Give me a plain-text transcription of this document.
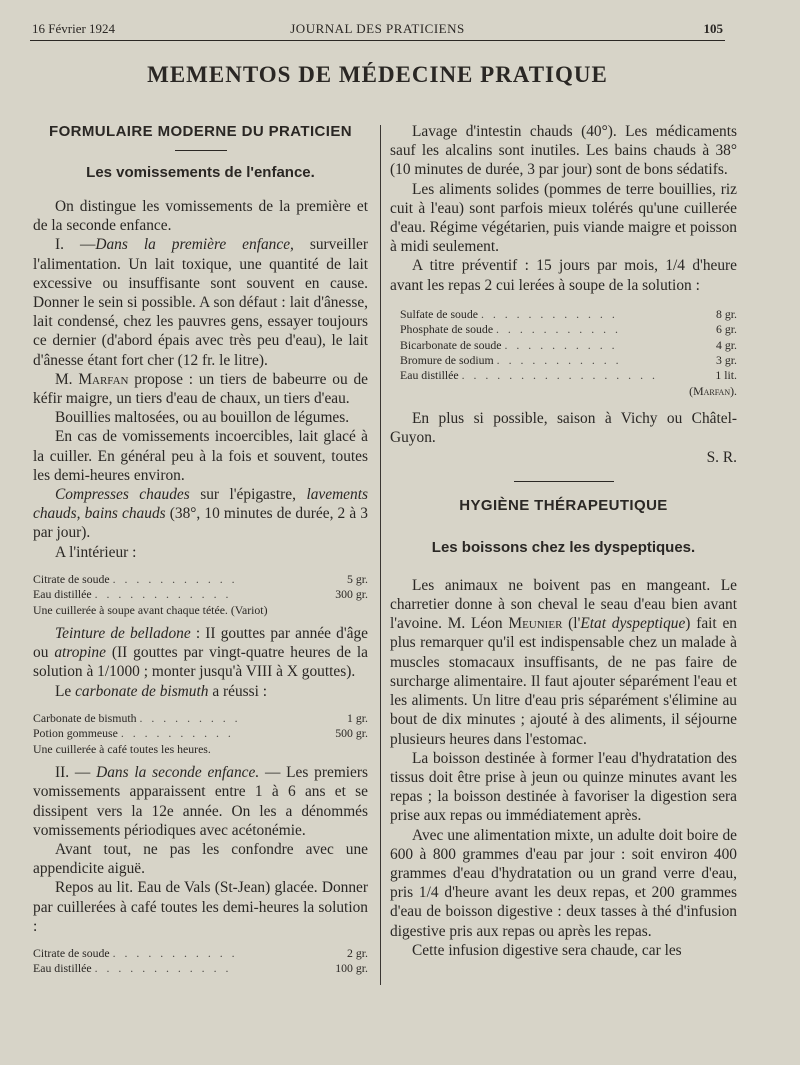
16 Février 1924	JOURNAL DES PRATICIENS	105
MEMENTOS DE MÉDECINE PRATIQUE
FORMULAIRE MODERNE DU PRATICIEN
Les vomissements de l'enfance.

On distingue les vomissements de la première et de la seconde enfance.

I. —Dans la première enfance, surveiller l'alimentation. Un lait toxique, une quantité de lait excessive ou insuffisante sont souvent en cause. Donner le sein si possible. A son défaut : lait d'ânesse, lait condensé, chez les pauvres gens, essayer toujours ce dernier (d'abord épais avec très peu d'eau), le lait d'ânesse étant fort cher (12 fr. le litre).

M. Marfan propose : un tiers de babeurre ou de kéfir maigre, un tiers d'eau de chaux, un tiers d'eau.

Bouillies maltosées, ou au bouillon de légumes.

En cas de vomissements incoercibles, lait glacé à la cuiller. En général peu à la fois et souvent, toutes les demi-heures environ.

Compresses chaudes sur l'épigastre, lavements chauds, bains chauds (38°, 10 minutes de durée, 2 à 3 par jour).

A l'intérieur :

Citrate de soude . . . . . . . . . . .	5 gr.
Eau distillée . . . . . . . . . . . .	300 gr.
Une cuillerée à soupe avant chaque tétée. (Variot)

Teinture de belladone : II gouttes par année d'âge ou atropine (II gouttes par vingt-quatre heures de la solution à 1/1000 ; monter jusqu'à VIII à X gouttes).

Le carbonate de bismuth a réussi :

Carbonate de bismuth . . . . . . . . .	1 gr.
Potion gommeuse . . . . . . . . . .	500 gr.
Une cuillerée à café toutes les heures.

II. — Dans la seconde enfance. — Les premiers vomissements apparaissent entre 1 à 6 ans et se dissipent vers la 12e année. On les a dénommés vomissements périodiques avec acétonémie.

Avant tout, ne pas les confondre avec une appendicite aiguë.

Repos au lit. Eau de Vals (St-Jean) glacée. Donner par cuillerées à café toutes les demi-heures la solution :

Citrate de soude . . . . . . . . . . .	2 gr.
Eau distillée . . . . . . . . . . . .	100 gr.

Lavage d'intestin chauds (40°). Les médicaments sauf les alcalins sont inutiles. Les bains chauds à 38° (10 minutes de durée, 3 par jour) sont de bons sédatifs.

Les aliments solides (pommes de terre bouillies, riz cuit à l'eau) sont parfois mieux tolérés qu'une cuillerée d'eau. Régime végétarien, puis viande maigre et poisson à midi seulement.

A titre préventif : 15 jours par mois, 1/4 d'heure avant les repas 2 cui lerées à soupe de la solution :

Sulfate de soude . . . . . . . . . . . .	8 gr.
Phosphate de soude . . . . . . . . . . .	6 gr.
Bicarbonate de soude . . . . . . . . . .	4 gr.
Bromure de sodium . . . . . . . . . . .	3 gr.
Eau distillée . . . . . . . . . . . . . . . . .	1 lit.
(Marfan).

En plus si possible, saison à Vichy ou Châtel-Guyon.

S. R.

HYGIÈNE THÉRAPEUTIQUE
Les boissons chez les dyspeptiques.

Les animaux ne boivent pas en mangeant. Le charretier donne à son cheval le seau d'eau bien avant l'avoine. M. Léon Meunier (l'Etat dyspeptique) fait en plus remarquer qu'il est indispensable chez un malade à muscles stomacaux insuffisants, de ne pas faire de surcharge alimentaire. Il faut ajouter séparément l'eau et les aliments. Un litre d'eau pris séparément s'élimine au bout de dix minutes ; ajouté à des aliments, il séjourne plusieurs heures dans l'estomac.

La boisson destinée à former l'eau d'hydratation des tissus doit être prise à jeun ou quinze minutes avant les repas ; la boisson destinée à favoriser la digestion sera prise aux repas ou immédiatement après.

Avec une alimentation mixte, un adulte doit boire de 600 à 800 grammes d'eau par jour : soit environ 400 grammes d'eau d'hydratation ou un grand verre d'eau, pris 1/4 d'heure avant les deux repas, et 200 grammes d'eau de boisson digestive : deux tasses à thé d'infusion digestive pris aux repas ou après les repas.

Cette infusion digestive sera chaude, car les
